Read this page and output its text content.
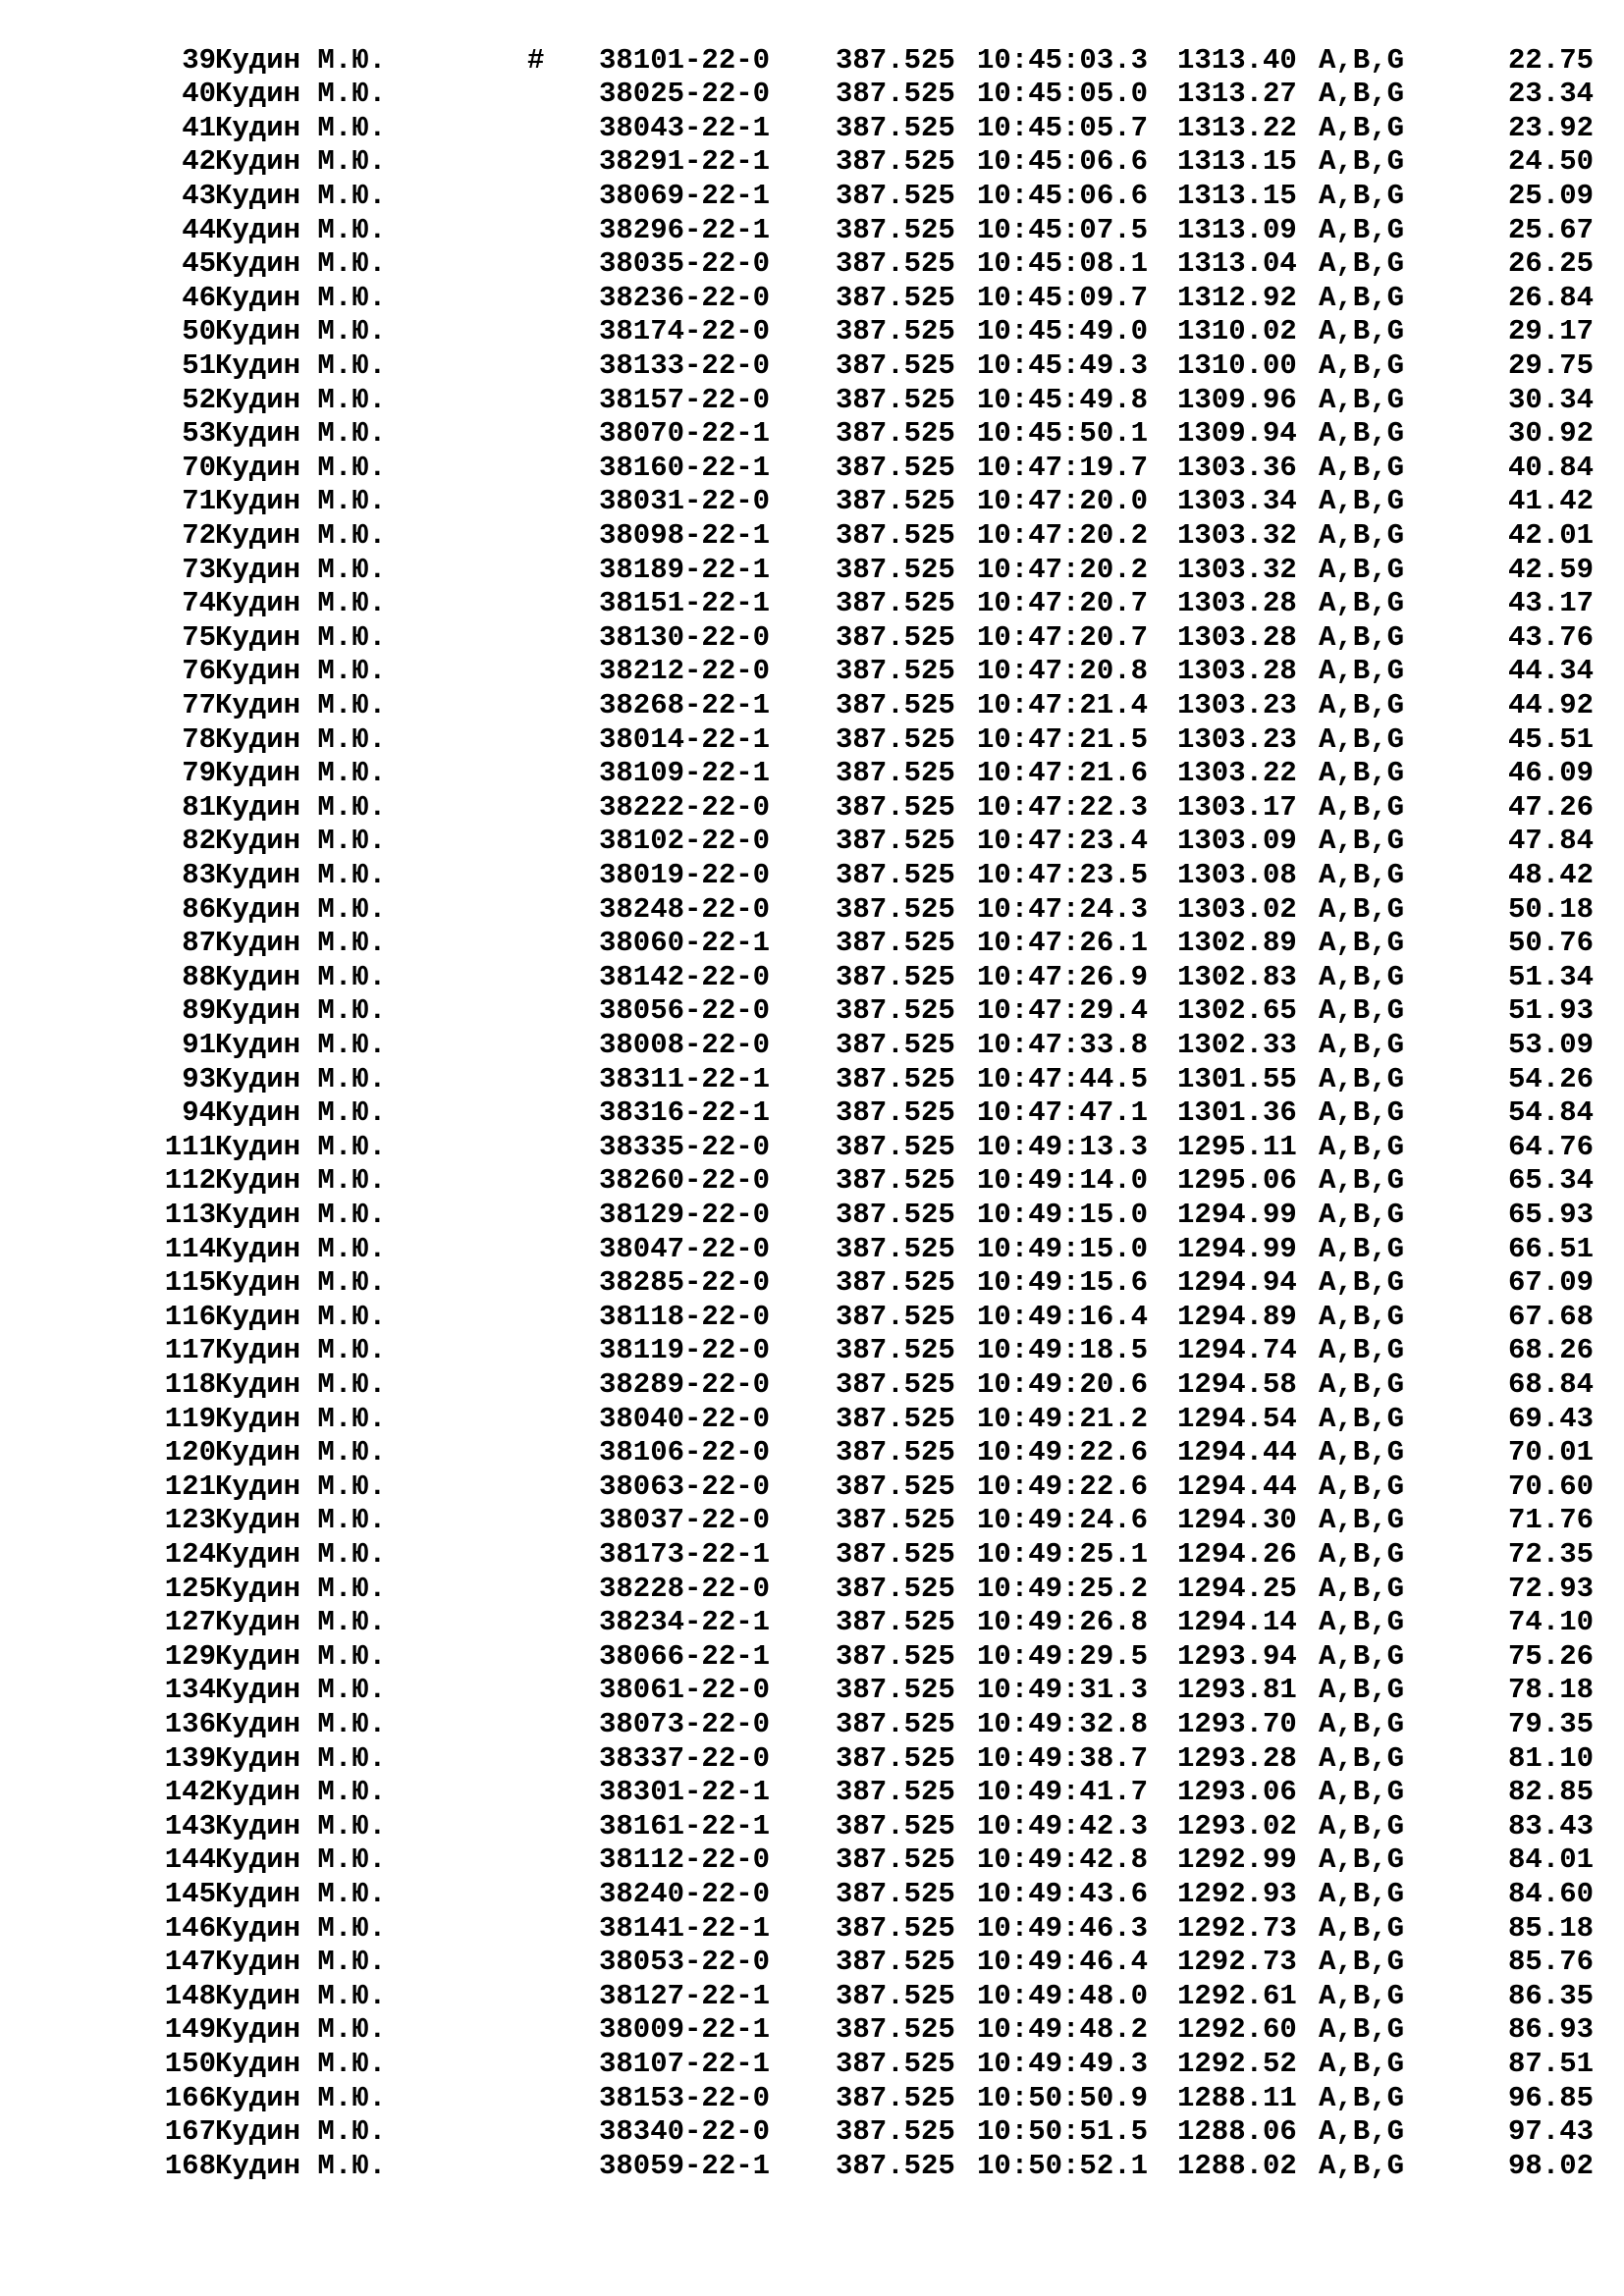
39 Кудин М.Ю.	# 38101-22-0 387.525 10:45:03.3 1313.40 A,B,G	22.75
40 Кудин М.Ю.	38025-22-0 387.525 10:45:05.0 1313.27 A,B,G	23.34
41 Кудин М.Ю.	38043-22-1 387.525 10:45:05.7 1313.22 A,B,G	23.92
42 Кудин М.Ю.	38291-22-1 387.525 10:45:06.6 1313.15 A,B,G	24.50
43 Кудин М.Ю.	38069-22-1 387.525 10:45:06.6 1313.15 A,B,G	25.09
44 Кудин М.Ю.	38296-22-1 387.525 10:45:07.5 1313.09 A,B,G	25.67
45 Кудин М.Ю.	38035-22-0 387.525 10:45:08.1 1313.04 A,B,G	26.25
46 Кудин М.Ю.	38236-22-0 387.525 10:45:09.7 1312.92 A,B,G	26.84
50 Кудин М.Ю.	38174-22-0 387.525 10:45:49.0 1310.02 A,B,G	29.17
51 Кудин М.Ю.	38133-22-0 387.525 10:45:49.3 1310.00 A,B,G	29.75
52 Кудин М.Ю.	38157-22-0 387.525 10:45:49.8 1309.96 A,B,G	30.34
53 Кудин М.Ю.	38070-22-1 387.525 10:45:50.1 1309.94 A,B,G	30.92
70 Кудин М.Ю.	38160-22-1 387.525 10:47:19.7 1303.36 A,B,G	40.84
71 Кудин М.Ю.	38031-22-0 387.525 10:47:20.0 1303.34 A,B,G	41.42
72 Кудин М.Ю.	38098-22-1 387.525 10:47:20.2 1303.32 A,B,G	42.01
73 Кудин М.Ю.	38189-22-1 387.525 10:47:20.2 1303.32 A,B,G	42.59
74 Кудин М.Ю.	38151-22-1 387.525 10:47:20.7 1303.28 A,B,G	43.17
75 Кудин М.Ю.	38130-22-0 387.525 10:47:20.7 1303.28 A,B,G	43.76
76 Кудин М.Ю.	38212-22-0 387.525 10:47:20.8 1303.28 A,B,G	44.34
77 Кудин М.Ю.	38268-22-1 387.525 10:47:21.4 1303.23 A,B,G	44.92
78 Кудин М.Ю.	38014-22-1 387.525 10:47:21.5 1303.23 A,B,G	45.51
79 Кудин М.Ю.	38109-22-1 387.525 10:47:21.6 1303.22 A,B,G	46.09
81 Кудин М.Ю.	38222-22-0 387.525 10:47:22.3 1303.17 A,B,G	47.26
82 Кудин М.Ю.	38102-22-0 387.525 10:47:23.4 1303.09 A,B,G	47.84
83 Кудин М.Ю.	38019-22-0 387.525 10:47:23.5 1303.08 A,B,G	48.42
86 Кудин М.Ю.	38248-22-0 387.525 10:47:24.3 1303.02 A,B,G	50.18
87 Кудин М.Ю.	38060-22-1 387.525 10:47:26.1 1302.89 A,B,G	50.76
88 Кудин М.Ю.	38142-22-0 387.525 10:47:26.9 1302.83 A,B,G	51.34
89 Кудин М.Ю.	38056-22-0 387.525 10:47:29.4 1302.65 A,B,G	51.93
91 Кудин М.Ю.	38008-22-0 387.525 10:47:33.8 1302.33 A,B,G	53.09
93 Кудин М.Ю.	38311-22-1 387.525 10:47:44.5 1301.55 A,B,G	54.26
94 Кудин М.Ю.	38316-22-1 387.525 10:47:47.1 1301.36 A,B,G	54.84
111 Кудин М.Ю.	38335-22-0 387.525 10:49:13.3 1295.11 A,B,G	64.76
112 Кудин М.Ю.	38260-22-0 387.525 10:49:14.0 1295.06 A,B,G	65.34
113 Кудин М.Ю.	38129-22-0 387.525 10:49:15.0 1294.99 A,B,G	65.93
114 Кудин М.Ю.	38047-22-0 387.525 10:49:15.0 1294.99 A,B,G	66.51
115 Кудин М.Ю.	38285-22-0 387.525 10:49:15.6 1294.94 A,B,G	67.09
116 Кудин М.Ю.	38118-22-0 387.525 10:49:16.4 1294.89 A,B,G	67.68
117 Кудин М.Ю.	38119-22-0 387.525 10:49:18.5 1294.74 A,B,G	68.26
118 Кудин М.Ю.	38289-22-0 387.525 10:49:20.6 1294.58 A,B,G	68.84
119 Кудин М.Ю.	38040-22-0 387.525 10:49:21.2 1294.54 A,B,G	69.43
120 Кудин М.Ю.	38106-22-0 387.525 10:49:22.6 1294.44 A,B,G	70.01
121 Кудин М.Ю.	38063-22-0 387.525 10:49:22.6 1294.44 A,B,G	70.60
123 Кудин М.Ю.	38037-22-0 387.525 10:49:24.6 1294.30 A,B,G	71.76
124 Кудин М.Ю.	38173-22-1 387.525 10:49:25.1 1294.26 A,B,G	72.35
125 Кудин М.Ю.	38228-22-0 387.525 10:49:25.2 1294.25 A,B,G	72.93
127 Кудин М.Ю.	38234-22-1 387.525 10:49:26.8 1294.14 A,B,G	74.10
129 Кудин М.Ю.	38066-22-1 387.525 10:49:29.5 1293.94 A,B,G	75.26
134 Кудин М.Ю.	38061-22-0 387.525 10:49:31.3 1293.81 A,B,G	78.18
136 Кудин М.Ю.	38073-22-0 387.525 10:49:32.8 1293.70 A,B,G	79.35
139 Кудин М.Ю.	38337-22-0 387.525 10:49:38.7 1293.28 A,B,G	81.10
142 Кудин М.Ю.	38301-22-1 387.525 10:49:41.7 1293.06 A,B,G	82.85
143 Кудин М.Ю.	38161-22-1 387.525 10:49:42.3 1293.02 A,B,G	83.43
144 Кудин М.Ю.	38112-22-0 387.525 10:49:42.8 1292.99 A,B,G	84.01
145 Кудин М.Ю.	38240-22-0 387.525 10:49:43.6 1292.93 A,B,G	84.60
146 Кудин М.Ю.	38141-22-1 387.525 10:49:46.3 1292.73 A,B,G	85.18
147 Кудин М.Ю.	38053-22-0 387.525 10:49:46.4 1292.73 A,B,G	85.76
148 Кудин М.Ю.	38127-22-1 387.525 10:49:48.0 1292.61 A,B,G	86.35
149 Кудин М.Ю.	38009-22-1 387.525 10:49:48.2 1292.60 A,B,G	86.93
150 Кудин М.Ю.	38107-22-1 387.525 10:49:49.3 1292.52 A,B,G	87.51
166 Кудин М.Ю.	38153-22-0 387.525 10:50:50.9 1288.11 A,B,G	96.85
167 Кудин М.Ю.	38340-22-0 387.525 10:50:51.5 1288.06 A,B,G	97.43
168 Кудин М.Ю.	38059-22-1 387.525 10:50:52.1 1288.02 A,B,G	98.02
